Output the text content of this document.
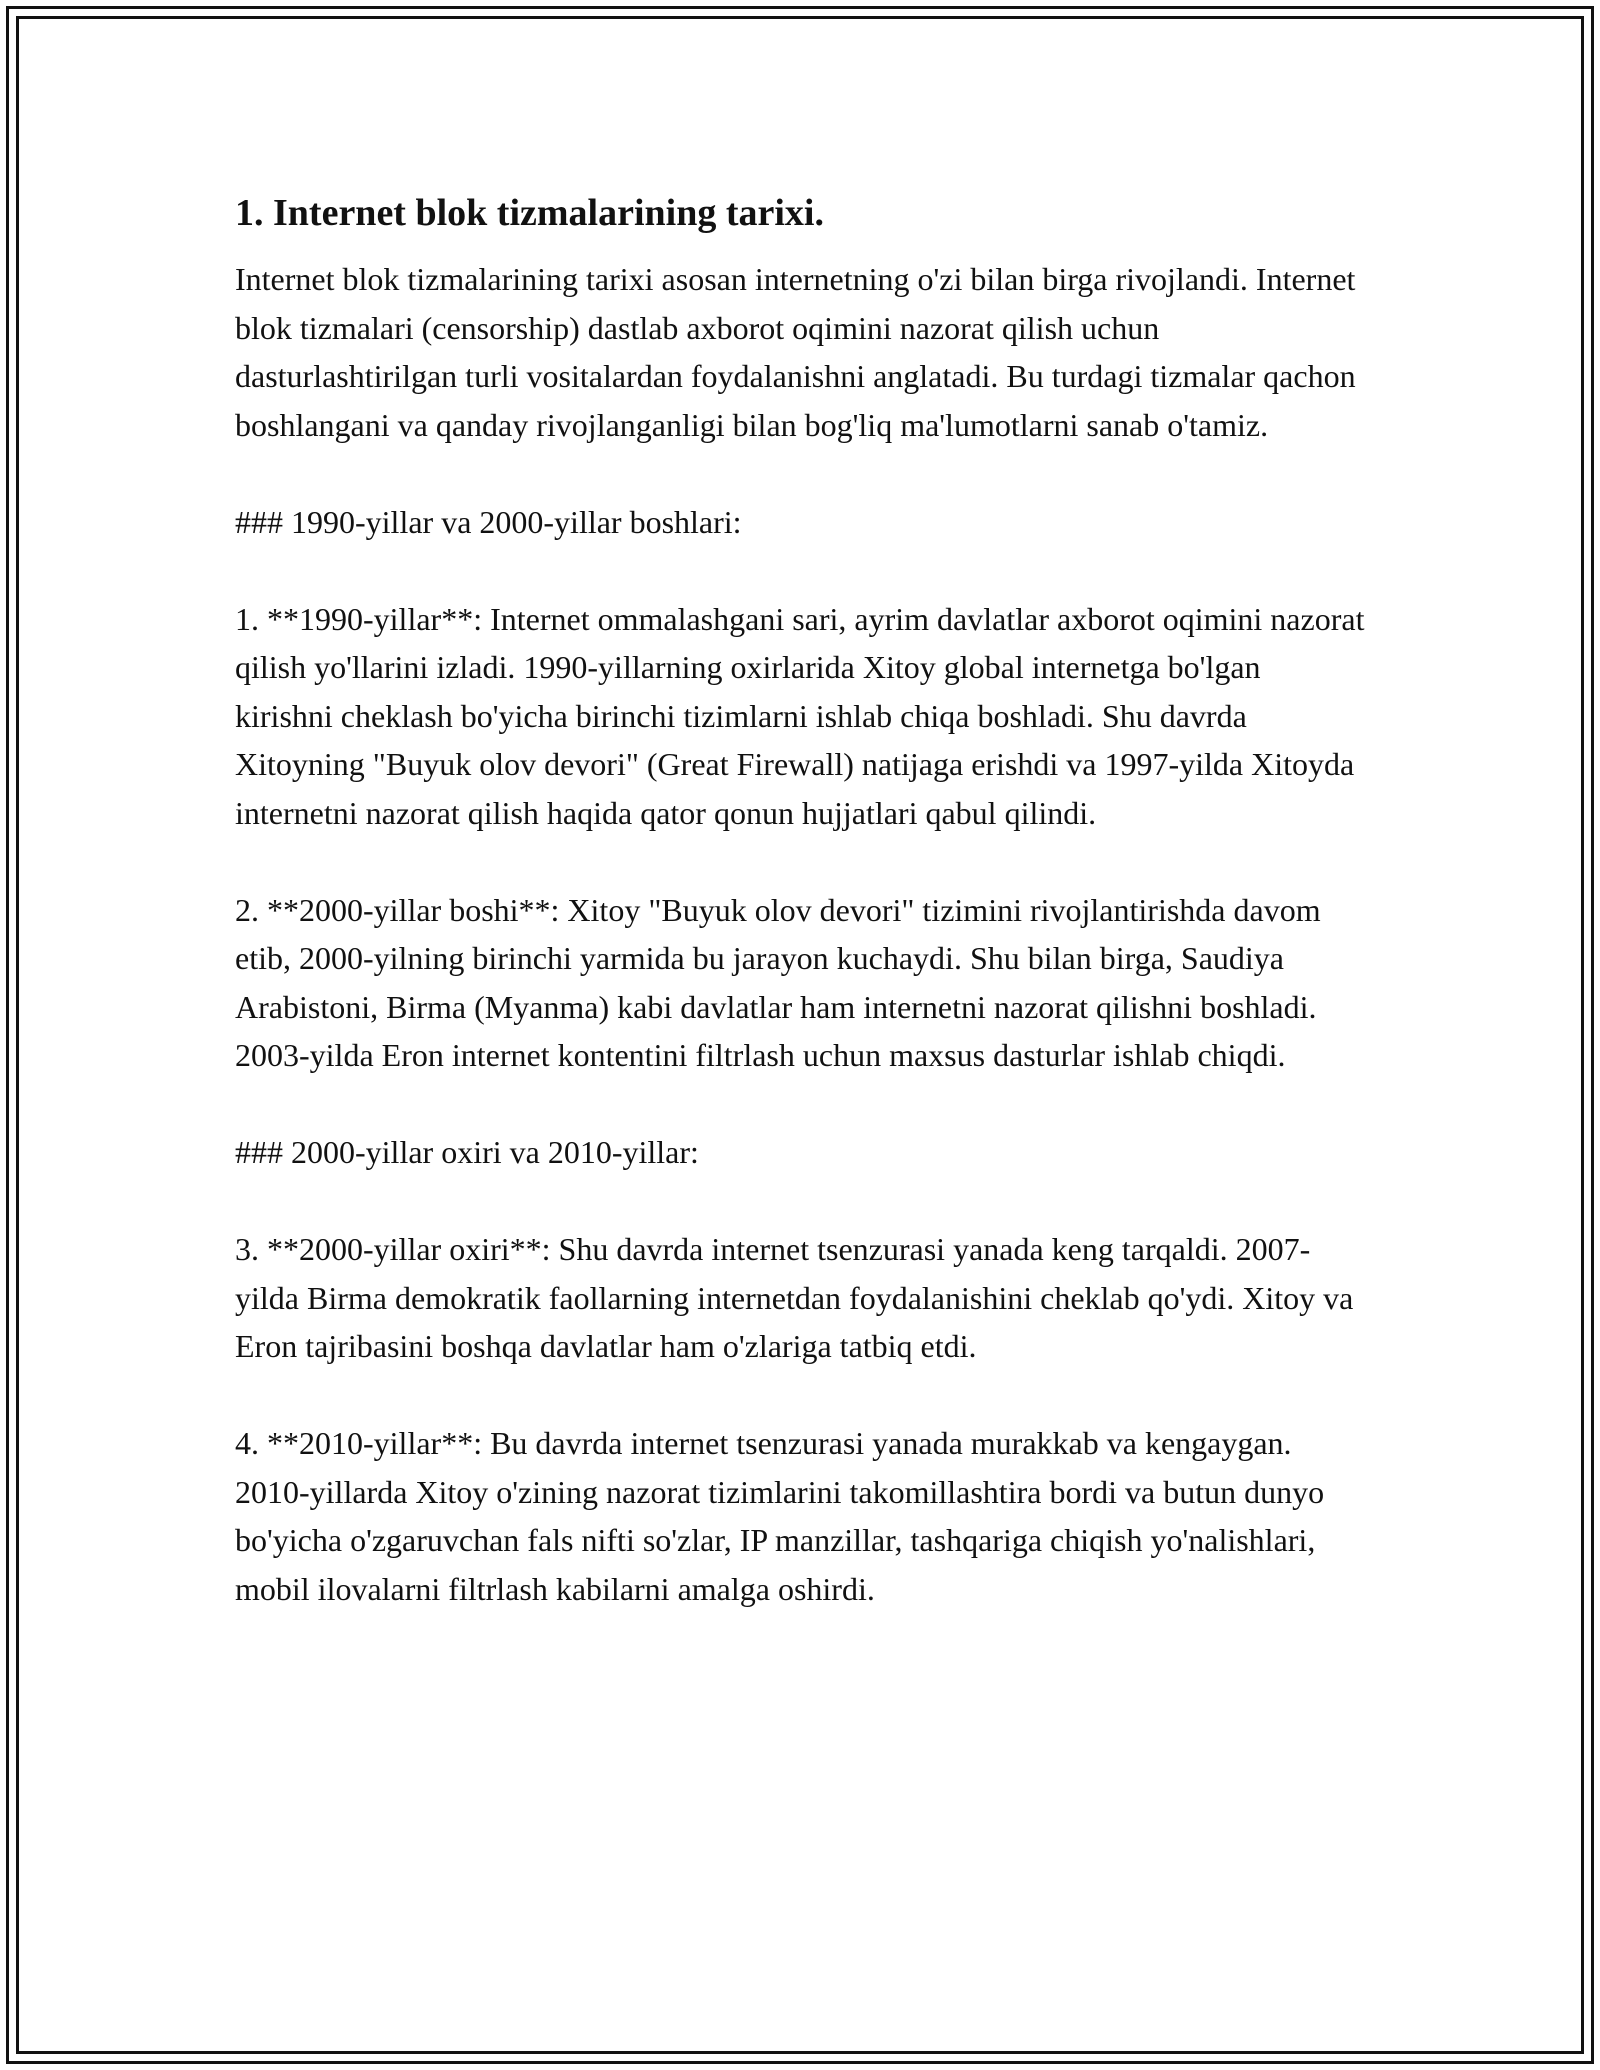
1. Internet blok tizmalarining tarixi.

Internet blok tizmalarining tarixi asosan internetning o'zi bilan birga rivojlandi. Internet blok tizmalari (censorship) dastlab axborot oqimini nazorat qilish uchun dasturlashtirilgan turli vositalardan foydalanishni anglatadi. Bu turdagi tizmalar qachon boshlangani va qanday rivojlanganligi bilan bog'liq ma'lumotlarni sanab o'tamiz.

### 1990-yillar va 2000-yillar boshlari:

1. **1990-yillar**: Internet ommalashgani sari, ayrim davlatlar axborot oqimini nazorat qilish yo'llarini izladi. 1990-yillarning oxirlarida Xitoy global internetga bo'lgan kirishni cheklash bo'yicha birinchi tizimlarni ishlab chiqa boshladi. Shu davrda Xitoyning "Buyuk olov devori" (Great Firewall) natijaga erishdi va 1997-yilda Xitoyda internetni nazorat qilish haqida qator qonun hujjatlari qabul qilindi.

2. **2000-yillar boshi**: Xitoy "Buyuk olov devori" tizimini rivojlantirishda davom etib, 2000-yilning birinchi yarmida bu jarayon kuchaydi. Shu bilan birga, Saudiya Arabistoni, Birma (Myanma) kabi davlatlar ham internetni nazorat qilishni boshladi. 2003-yilda Eron internet kontentini filtrlash uchun maxsus dasturlar ishlab chiqdi.

### 2000-yillar oxiri va 2010-yillar:

3. **2000-yillar oxiri**: Shu davrda internet tsenzurasi yanada keng tarqaldi. 2007-yilda Birma demokratik faollarning internetdan foydalanishini cheklab qo'ydi. Xitoy va Eron tajribasini boshqa davlatlar ham o'zlariga tatbiq etdi.

4. **2010-yillar**: Bu davrda internet tsenzurasi yanada murakkab va kengaygan. 2010-yillarda Xitoy o'zining nazorat tizimlarini takomillashtira bordi va butun dunyo bo'yicha o'zgaruvchan fals nifti so'zlar, IP manzillar, tashqariga chiqish yo'nalishlari, mobil ilovalarni filtrlash kabilarni amalga oshirdi.
